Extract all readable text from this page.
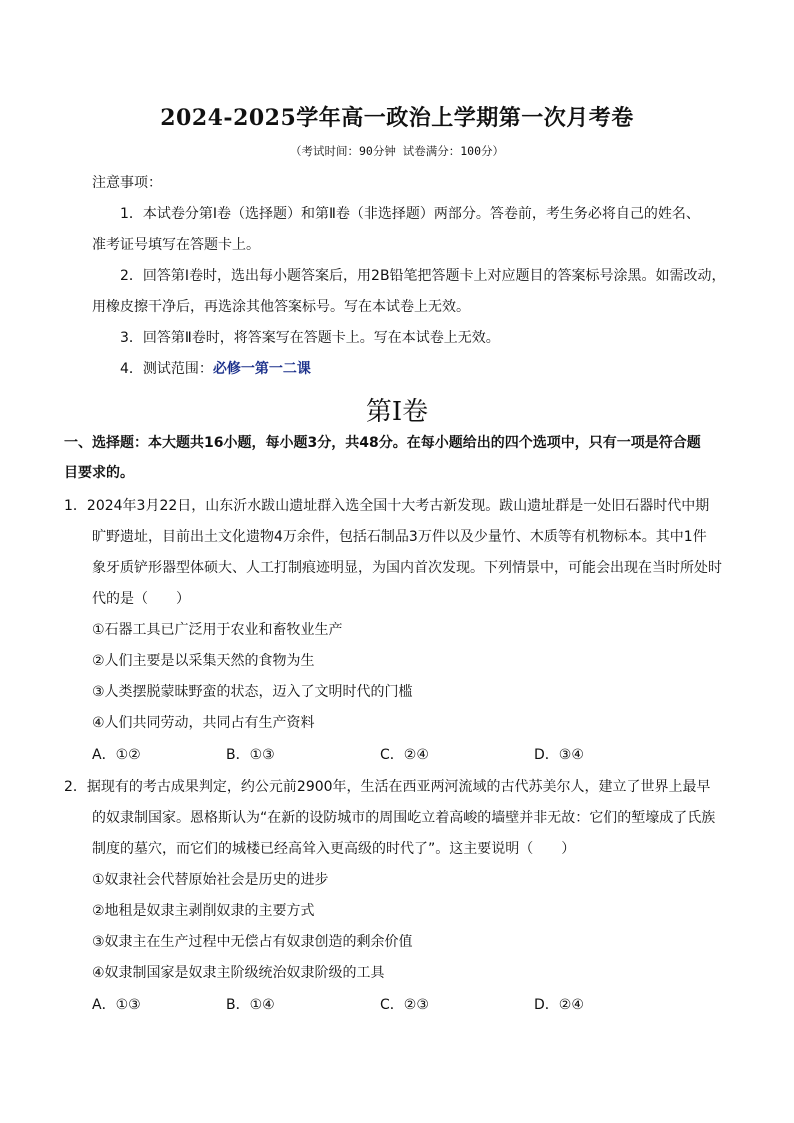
2024-2025学年高一政治上学期第一次月考卷
（考试时间：90分钟 试卷满分：100分）
注意事项：
1．本试卷分第Ⅰ卷（选择题）和第Ⅱ卷（非选择题）两部分。答卷前，考生务必将自己的姓名、
准考证号填写在答题卡上。
2．回答第Ⅰ卷时，选出每小题答案后，用2B铅笔把答题卡上对应题目的答案标号涂黑。如需改动，
用橡皮擦干净后，再选涂其他答案标号。写在本试卷上无效。
3．回答第Ⅱ卷时，将答案写在答题卡上。写在本试卷上无效。
4．测试范围：必修一第一二课
第Ⅰ卷
一、选择题：本大题共16小题，每小题3分，共48分。在每小题给出的四个选项中，只有一项是符合题
目要求的。
1．2024年3月22日，山东沂水跋山遗址群入选全国十大考古新发现。跋山遗址群是一处旧石器时代中期
旷野遗址，目前出土文化遗物4万余件，包括石制品3万件以及少量竹、木质等有机物标本。其中1件
象牙质铲形器型体硕大、人工打制痕迹明显，为国内首次发现。下列情景中，可能会出现在当时所处时
代的是（　　）
①石器工具已广泛用于农业和畜牧业生产
②人们主要是以采集天然的食物为生
③人类摆脱蒙昧野蛮的状态，迈入了文明时代的门槛
④人们共同劳动，共同占有生产资料
A．①②	B．①③	C．②④	D．③④
2．据现有的考古成果判定，约公元前2900年，生活在西亚两河流域的古代苏美尔人，建立了世界上最早
的奴隶制国家。恩格斯认为“在新的设防城市的周围屹立着高峻的墙壁并非无故：它们的堑壕成了氏族
制度的墓穴，而它们的城楼已经高耸入更高级的时代了”。这主要说明（　　）
①奴隶社会代替原始社会是历史的进步
②地租是奴隶主剥削奴隶的主要方式
③奴隶主在生产过程中无偿占有奴隶创造的剩余价值
④奴隶制国家是奴隶主阶级统治奴隶阶级的工具
A．①③	B．①④	C．②③	D．②④
